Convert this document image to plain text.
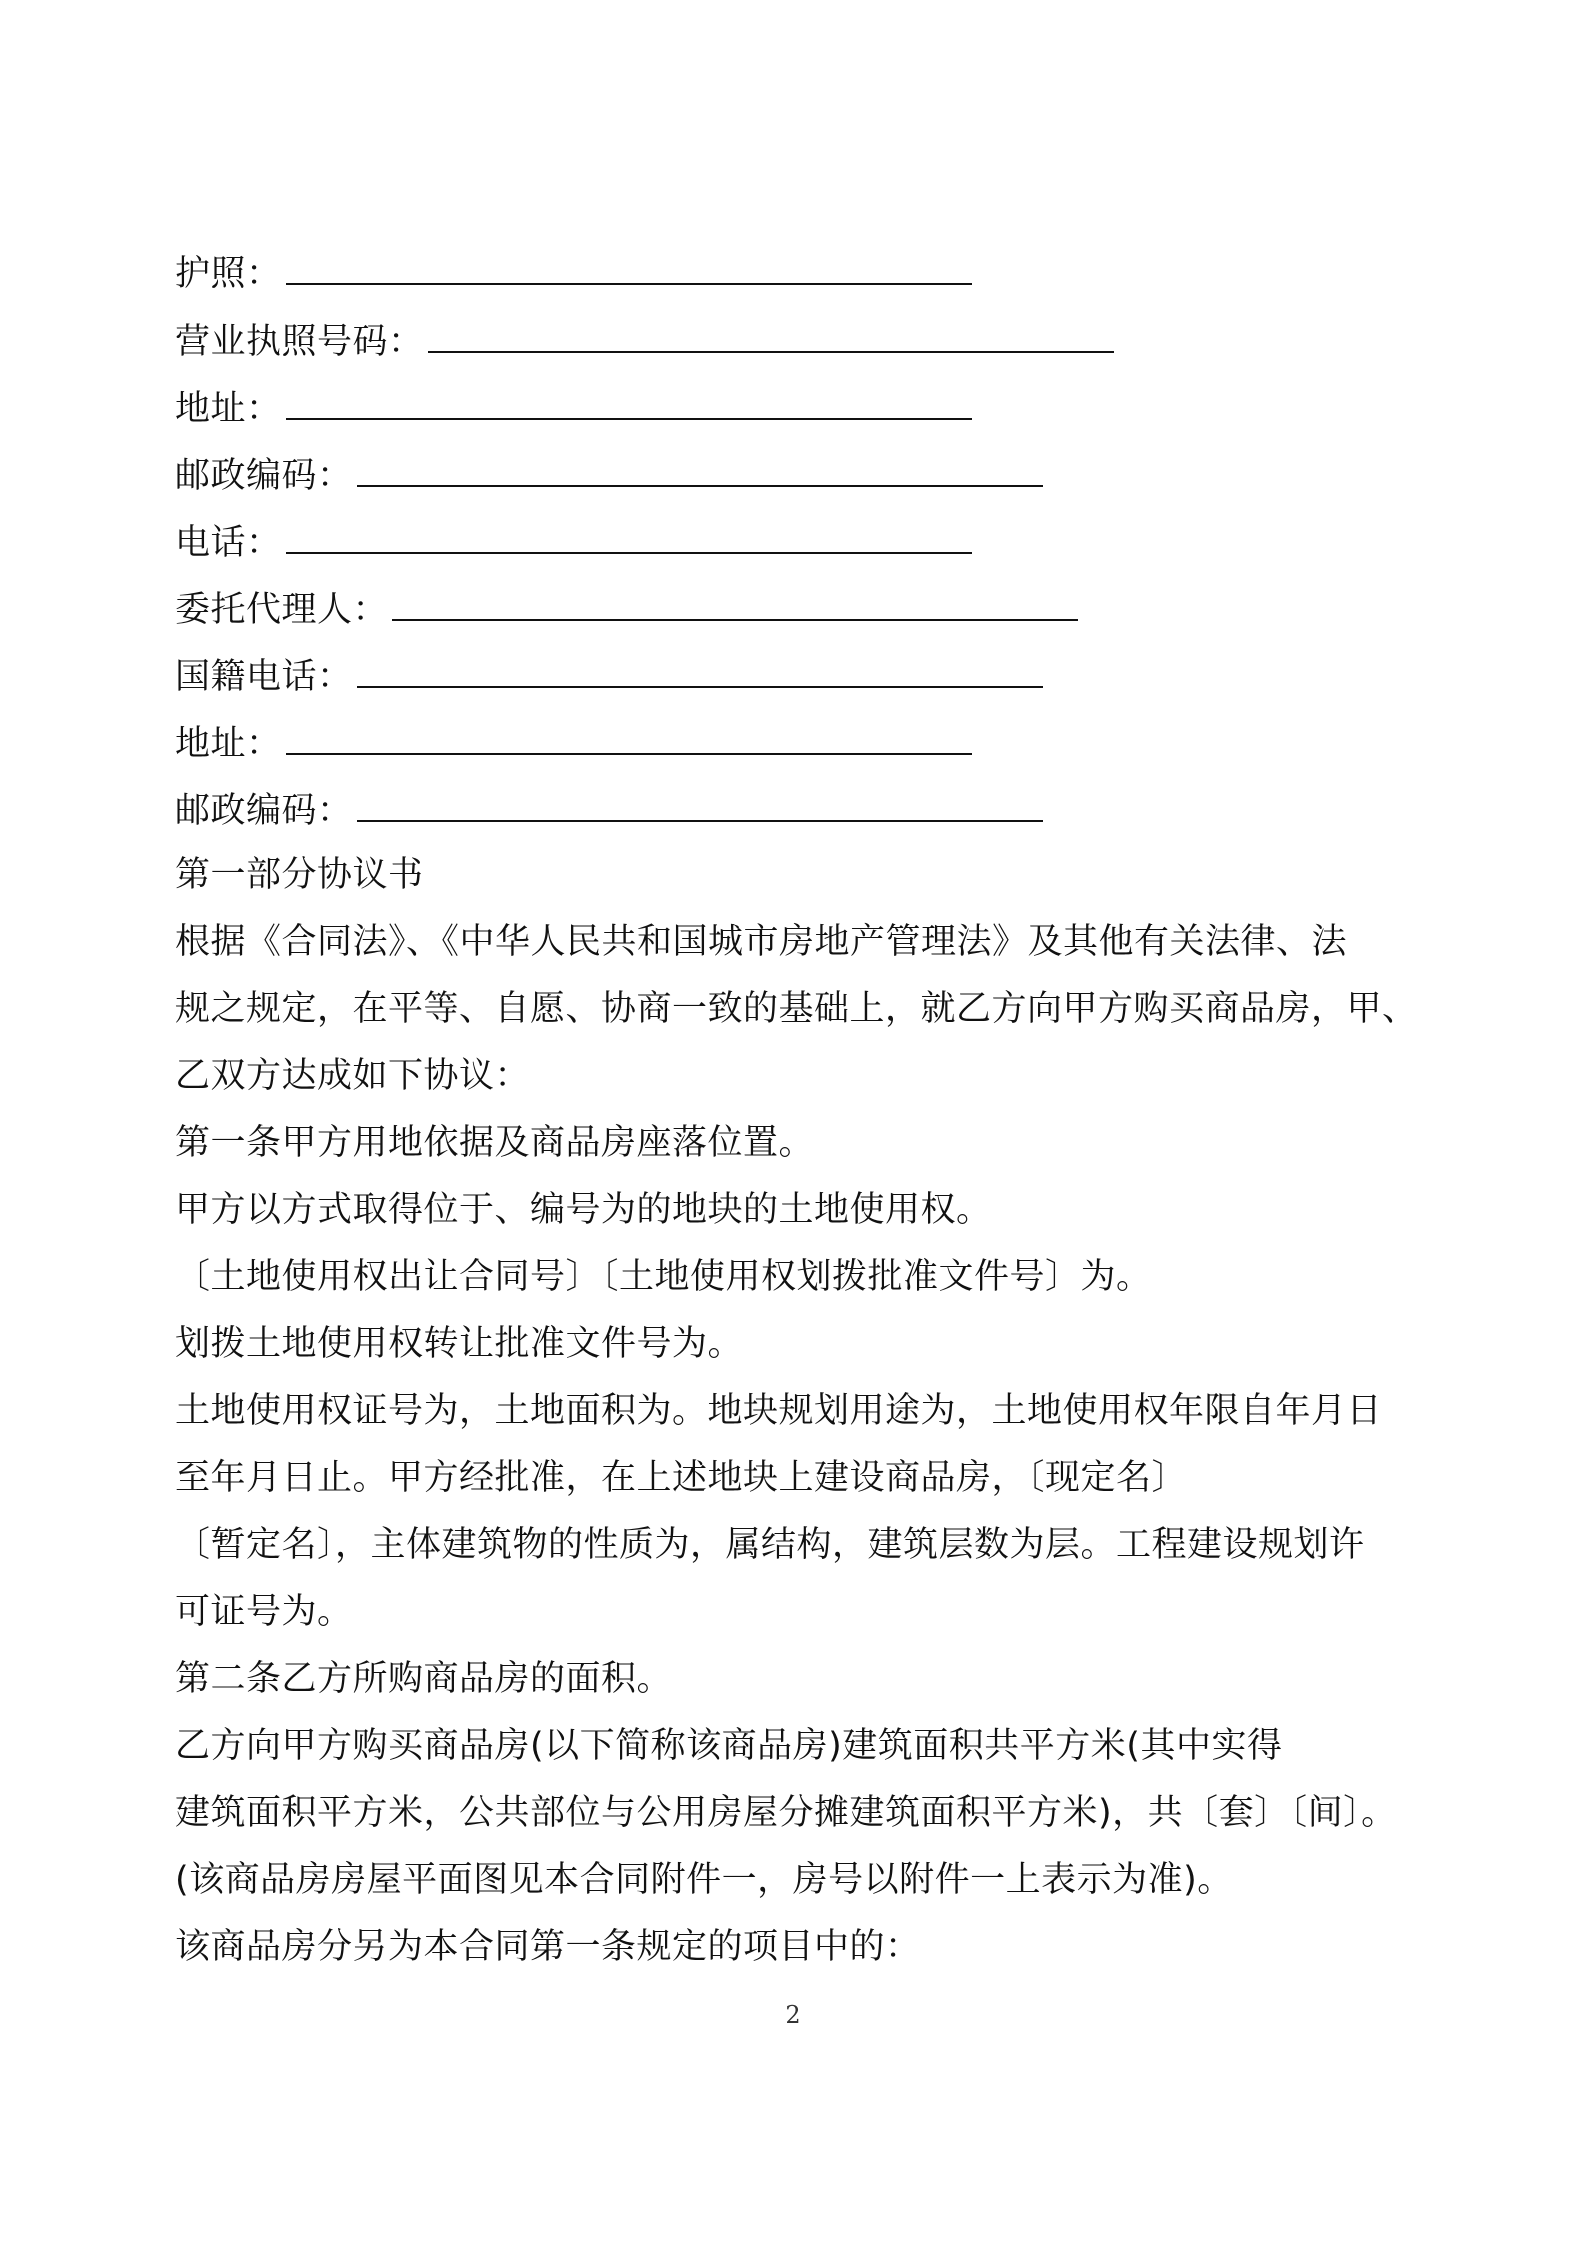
护照：
营业执照号码：
地址：
邮政编码：
电话：
委托代理人：
国籍电话：
地址：
邮政编码：
第一部分协议书
根据《合同法》、《中华人民共和国城市房地产管理法》及其他有关法律、法
规之规定，在平等、自愿、协商一致的基础上，就乙方向甲方购买商品房，甲、
乙双方达成如下协议：
第一条甲方用地依据及商品房座落位置。
甲方以方式取得位于、编号为的地块的土地使用权。
〔土地使用权出让合同号〕〔土地使用权划拨批准文件号〕为。
划拨土地使用权转让批准文件号为。
土地使用权证号为，土地面积为。地块规划用途为，土地使用权年限自年月日
至年月日止。甲方经批准，在上述地块上建设商品房，〔现定名〕
〔暂定名〕，主体建筑物的性质为，属结构，建筑层数为层。工程建设规划许
可证号为。
第二条乙方所购商品房的面积。
乙方向甲方购买商品房(以下简称该商品房)建筑面积共平方米(其中实得
建筑面积平方米，公共部位与公用房屋分摊建筑面积平方米)，共〔套〕〔间〕。
(该商品房房屋平面图见本合同附件一，房号以附件一上表示为准)。
该商品房分另为本合同第一条规定的项目中的：
2
